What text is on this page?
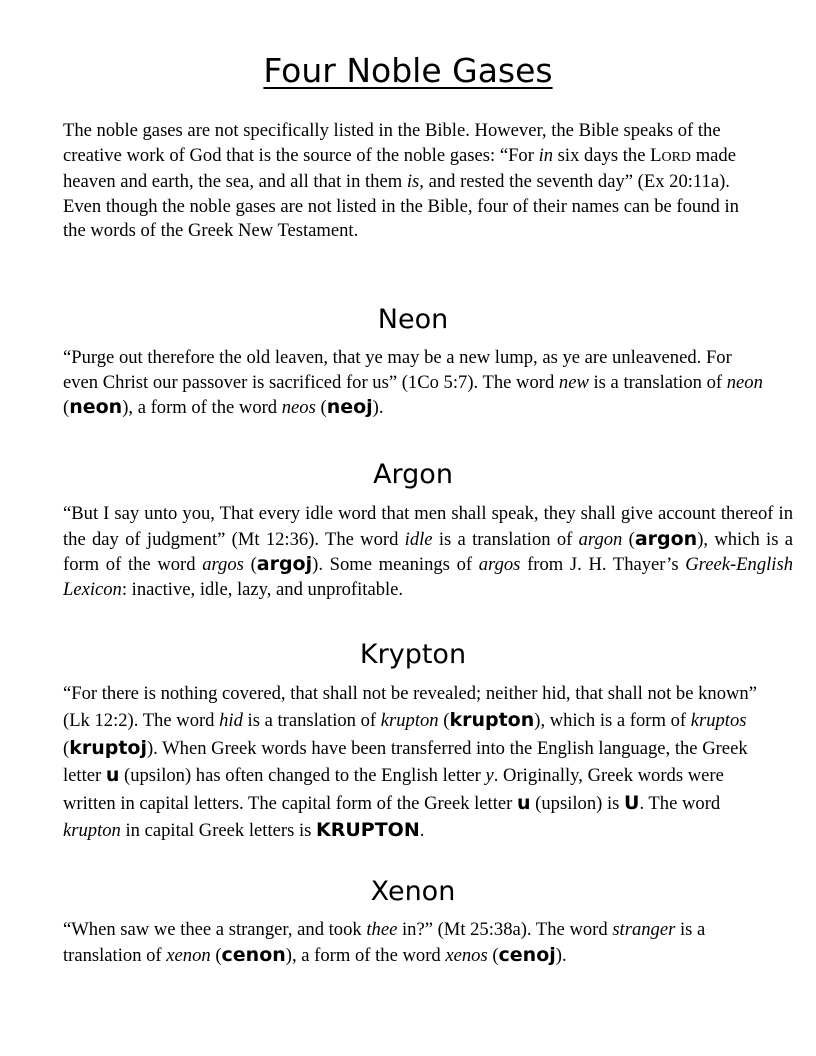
Four Noble Gases

The noble gases are not specifically listed in the Bible. However, the Bible speaks of the creative work of God that is the source of the noble gases: “For in six days the LORD made heaven and earth, the sea, and all that in them is, and rested the seventh day” (Ex 20:11a). Even though the noble gases are not listed in the Bible, four of their names can be found in the words of the Greek New Testament.

Neon

“Purge out therefore the old leaven, that ye may be a new lump, as ye are unleavened. For even Christ our passover is sacrificed for us” (1Co 5:7). The word new is a translation of neon (neon), a form of the word neos (neoj).

Argon

“But I say unto you, That every idle word that men shall speak, they shall give account thereof in the day of judgment” (Mt 12:36). The word idle is a translation of argon (argon), which is a form of the word argos (argoj). Some meanings of argos from J. H. Thayer’s Greek-English Lexicon: inactive, idle, lazy, and unprofitable.

Krypton

“For there is nothing covered, that shall not be revealed; neither hid, that shall not be known” (Lk 12:2). The word hid is a translation of krupton (krupton), which is a form of kruptos (kruptoj). When Greek words have been transferred into the English language, the Greek letter u (upsilon) has often changed to the English letter y. Originally, Greek words were written in capital letters. The capital form of the Greek letter u (upsilon) is U. The word krupton in capital Greek letters is KRUPTON.

Xenon

“When saw we thee a stranger, and took thee in?” (Mt 25:38a). The word stranger is a translation of xenon (cenon), a form of the word xenos (cenoj).
